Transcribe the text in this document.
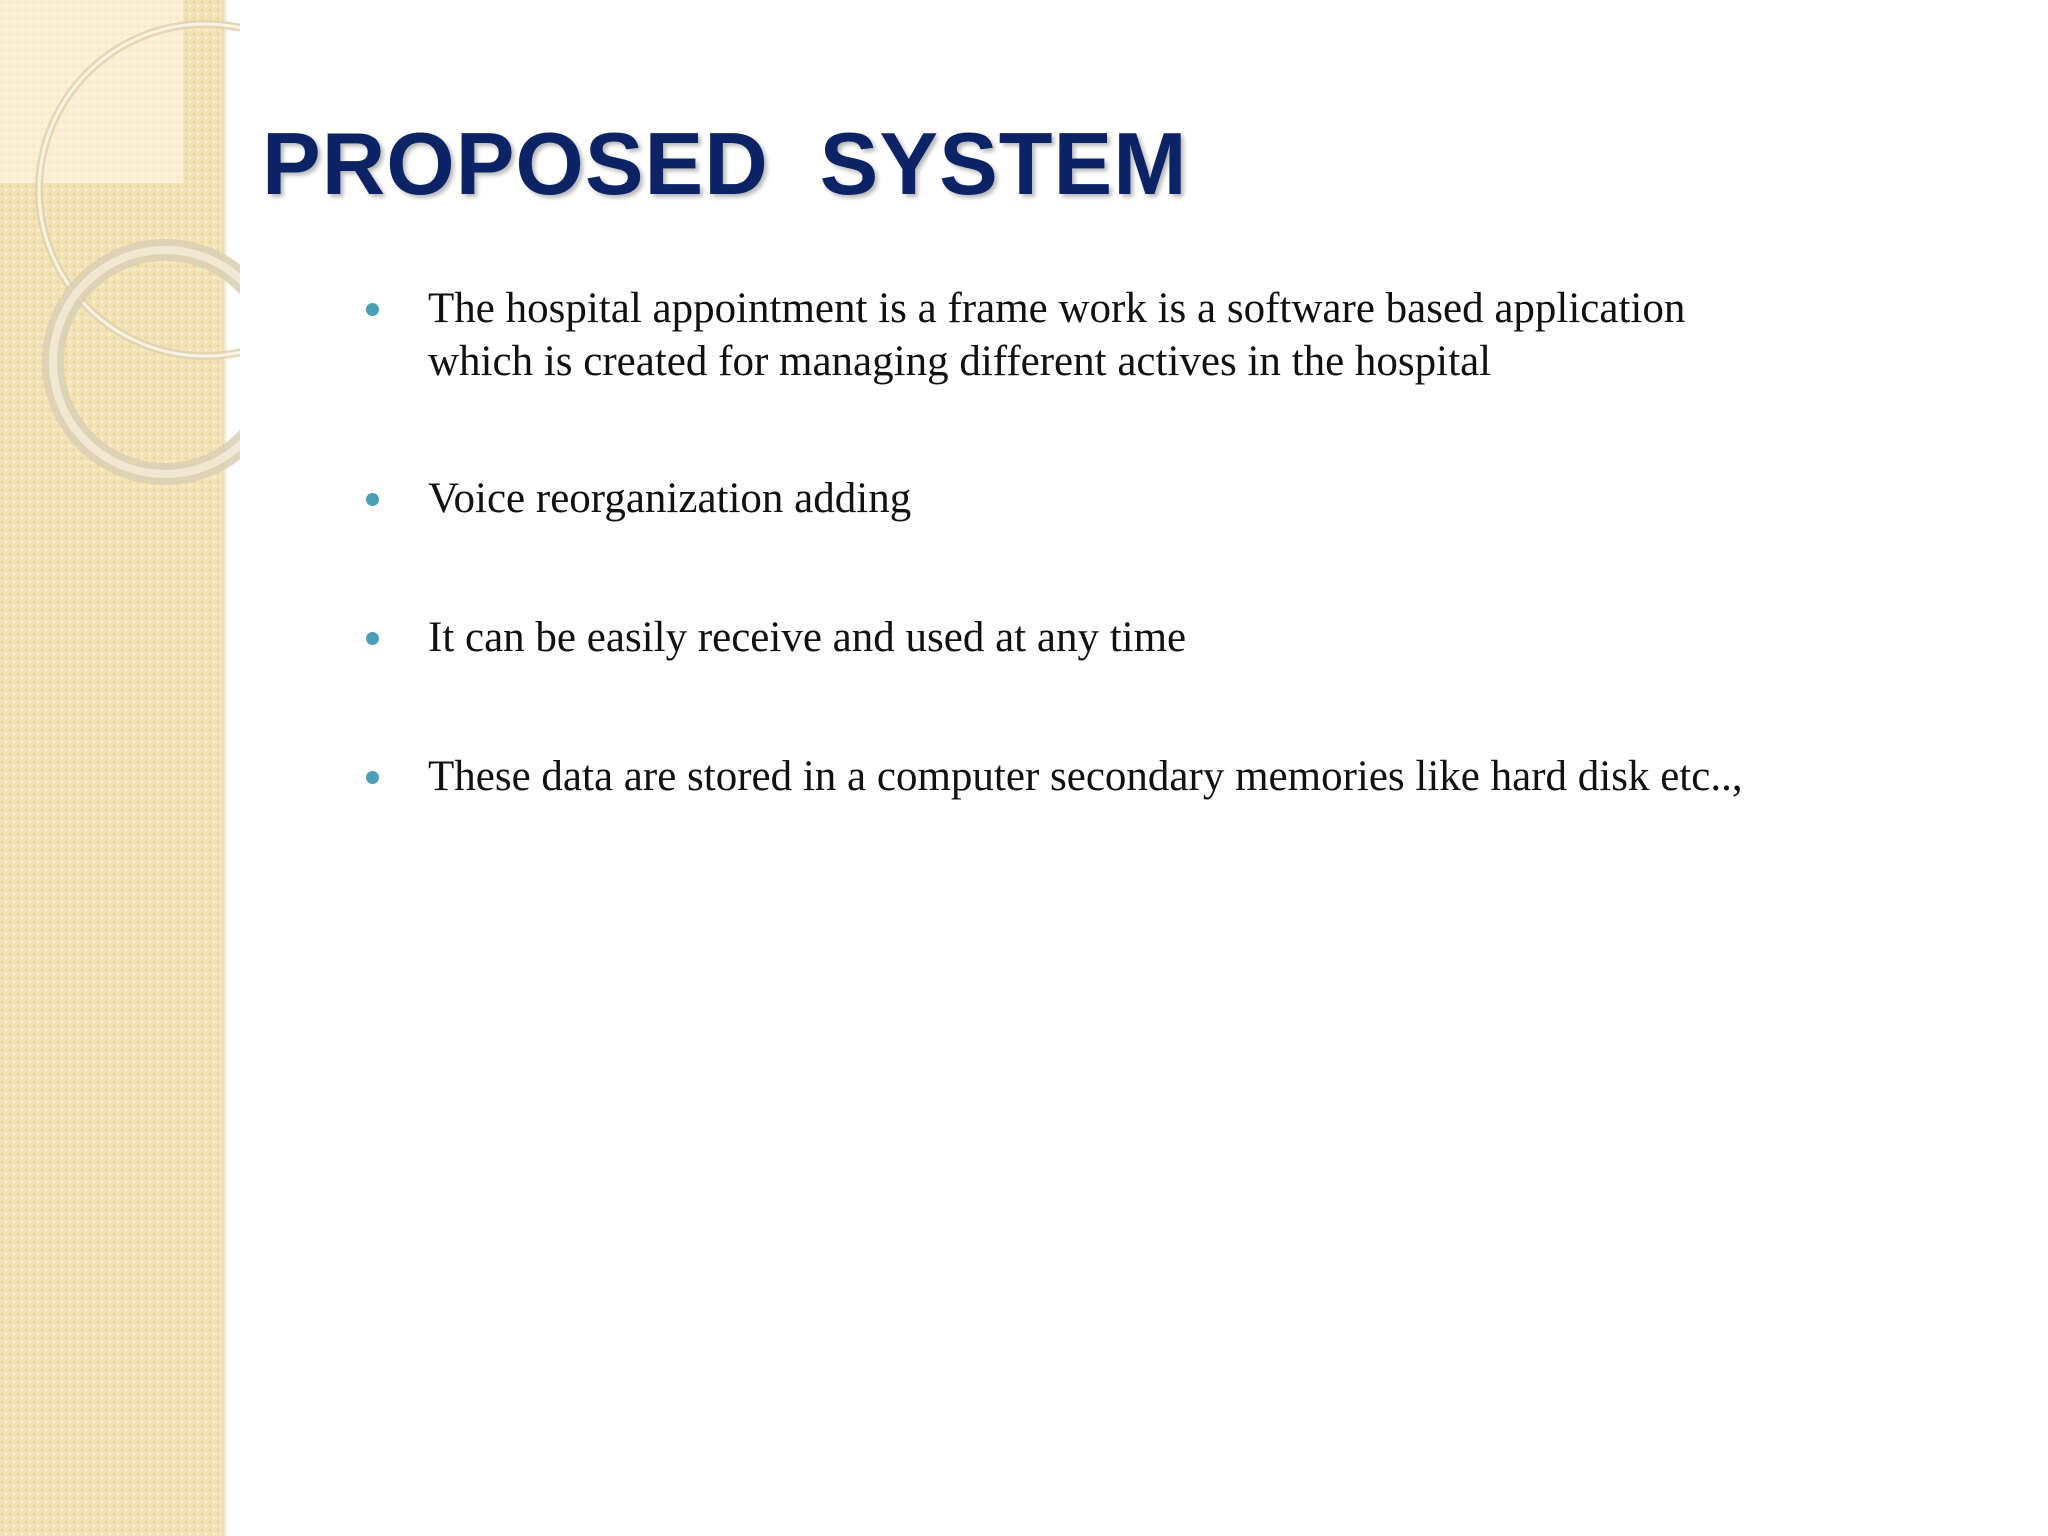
PROPOSED  SYSTEM
The hospital appointment is a frame work is a software based application which is created for managing different actives in the hospital
Voice reorganization adding
It can be easily receive and used at any time
These data are stored in a computer secondary memories like hard disk etc..,
